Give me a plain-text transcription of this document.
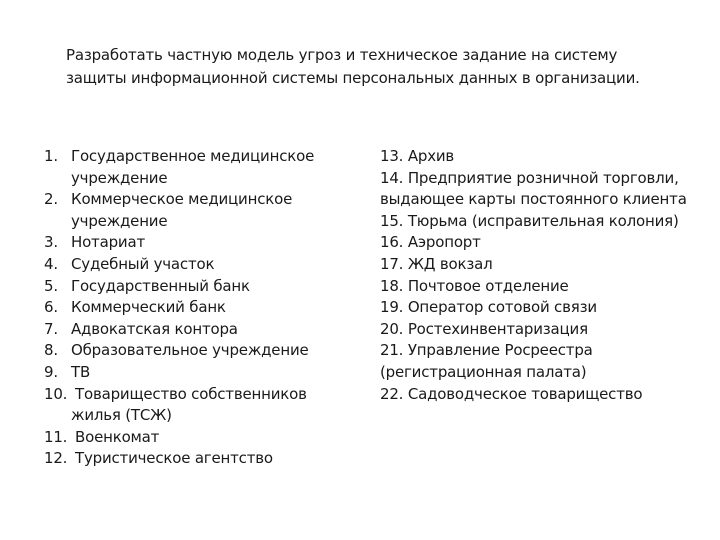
Разработать частную модель угроз и техническое задание на систему
защиты информационной системы персональных данных в организации.
1. Государственное медицинское
учреждение
2. Коммерческое медицинское
учреждение
3. Нотариат
4. Судебный участок
5. Государственный банк
6. Коммерческий банк
7. Адвокатская контора
8. Образовательное учреждение
9. ТВ
10. Товарищество собственников
жилья (ТСЖ)
11. Военкомат
12. Туристическое агентство
13. Архив
14. Предприятие розничной торговли,
выдающее карты постоянного клиента
15. Тюрьма (исправительная колония)
16. Аэропорт
17. ЖД вокзал
18. Почтовое отделение
19. Оператор сотовой связи
20. Ростехинвентаризация
21. Управление Росреестра
(регистрационная палата)
22. Садоводческое товарищество
